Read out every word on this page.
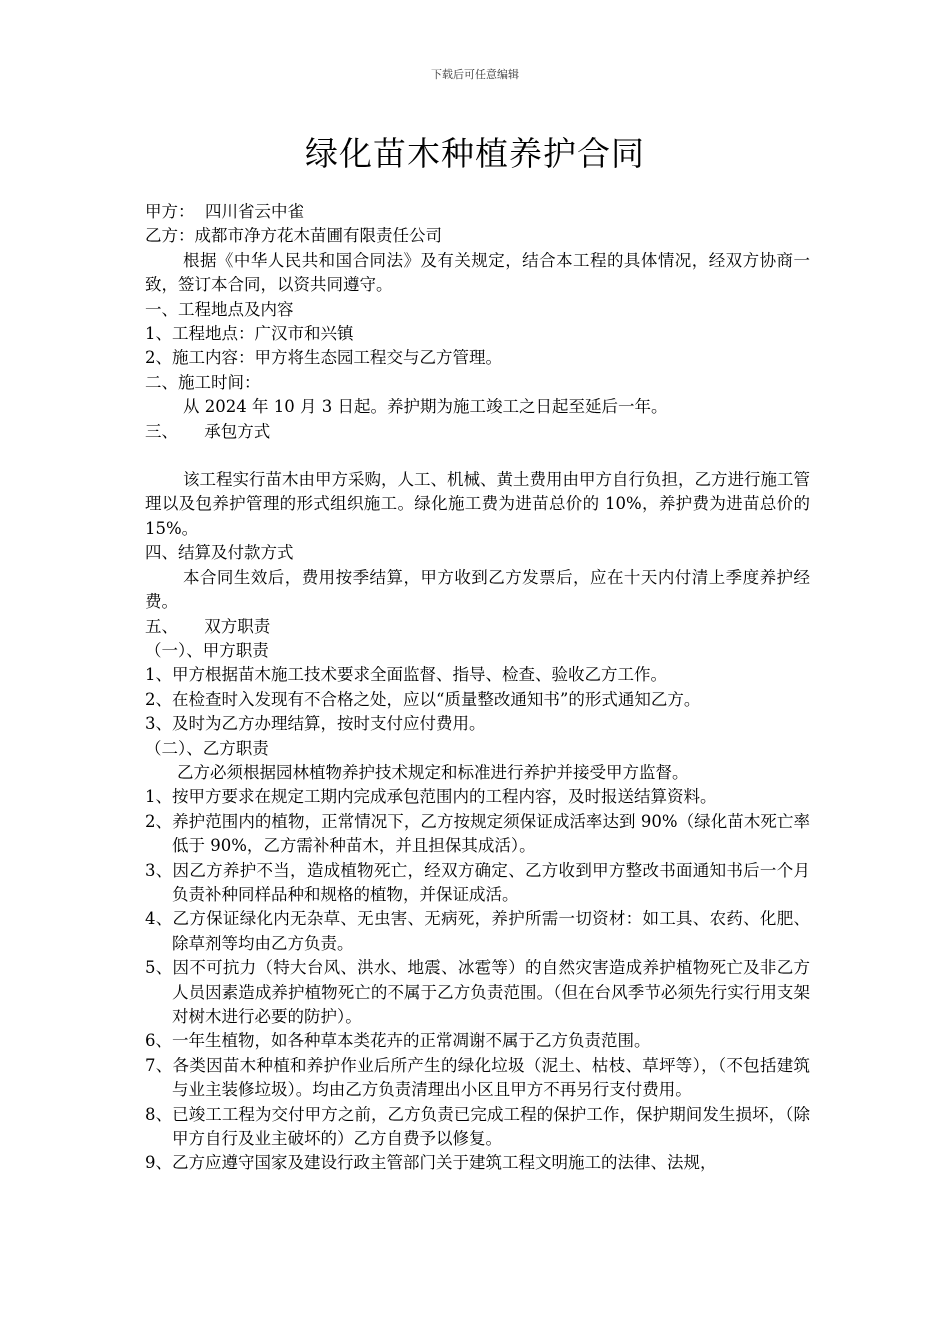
下载后可任意编辑
绿化苗木种植养护合同
甲方：  四川省云中雀
乙方：成都市净方花木苗圃有限责任公司
根据《中华人民共和国合同法》及有关规定，结合本工程的具体情况，经双方协商一致，签订本合同，以资共同遵守。
一、工程地点及内容
1、工程地点：广汉市和兴镇
2、施工内容：甲方将生态园工程交与乙方管理。
二、施工时间：
从 2024 年 10 月 3 日起。养护期为施工竣工之日起至延后一年。
三、     承包方式
该工程实行苗木由甲方采购，人工、机械、黄土费用由甲方自行负担，乙方进行施工管理以及包养护管理的形式组织施工。绿化施工费为进苗总价的 10%，养护费为进苗总价的 15%。
四、结算及付款方式
本合同生效后，费用按季结算，甲方收到乙方发票后，应在十天内付清上季度养护经费。
五、     双方职责
（一）、甲方职责
1、甲方根据苗木施工技术要求全面监督、指导、检查、验收乙方工作。
2、在检查时入发现有不合格之处，应以“质量整改通知书”的形式通知乙方。
3、及时为乙方办理结算，按时支付应付费用。
（二）、乙方职责
乙方必须根据园林植物养护技术规定和标准进行养护并接受甲方监督。
1、按甲方要求在规定工期内完成承包范围内的工程内容，及时报送结算资料。
2、养护范围内的植物，正常情况下，乙方按规定须保证成活率达到 90%（绿化苗木死亡率低于 90%，乙方需补种苗木，并且担保其成活）。
3、因乙方养护不当，造成植物死亡，经双方确定、乙方收到甲方整改书面通知书后一个月负责补种同样品种和规格的植物，并保证成活。
4、乙方保证绿化内无杂草、无虫害、无病死，养护所需一切资材：如工具、农药、化肥、除草剂等均由乙方负责。
5、因不可抗力（特大台风、洪水、地震、冰雹等）的自然灾害造成养护植物死亡及非乙方人员因素造成养护植物死亡的不属于乙方负责范围。（但在台风季节必须先行实行用支架对树木进行必要的防护）。
6、一年生植物，如各种草本类花卉的正常凋谢不属于乙方负责范围。
7、各类因苗木种植和养护作业后所产生的绿化垃圾（泥土、枯枝、草坪等），（不包括建筑与业主装修垃圾）。均由乙方负责清理出小区且甲方不再另行支付费用。
8、已竣工工程为交付甲方之前，乙方负责已完成工程的保护工作，保护期间发生损坏，（除甲方自行及业主破坏的）乙方自费予以修复。
9、乙方应遵守国家及建设行政主管部门关于建筑工程文明施工的法律、法规，
